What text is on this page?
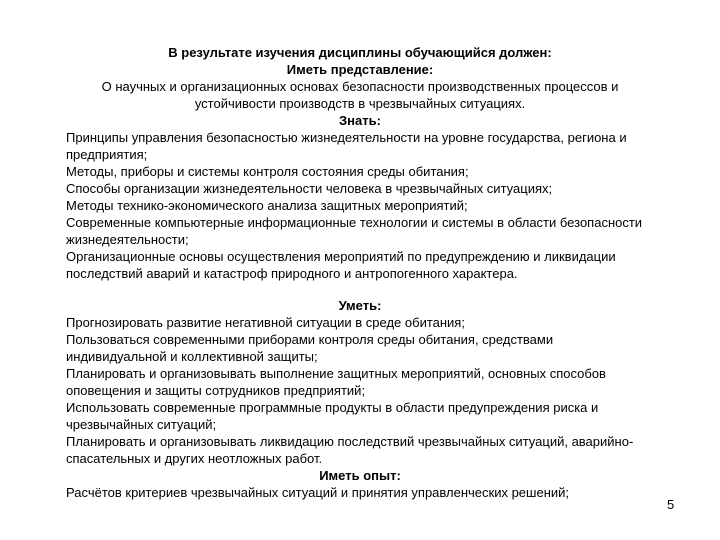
В результате изучения дисциплины обучающийся должен:
Иметь представление:
О научных и организационных основах безопасности производственных процессов и
устойчивости производств в чрезвычайных ситуациях.
Знать:
Принципы управления безопасностью жизнедеятельности на уровне государства, региона и
предприятия;
Методы, приборы и системы контроля состояния среды обитания;
Способы организации жизнедеятельности человека в чрезвычайных ситуациях;
Методы технико-экономического анализа защитных мероприятий;
Современные компьютерные информационные технологии и системы в области безопасности
жизнедеятельности;
Организационные основы осуществления мероприятий по предупреждению и ликвидации
последствий аварий и катастроф природного и антропогенного характера.
Уметь:
Прогнозировать развитие негативной ситуации в среде обитания;
Пользоваться современными приборами контроля среды обитания, средствами
индивидуальной и коллективной защиты;
Планировать и организовывать выполнение защитных мероприятий, основных способов
оповещения и защиты сотрудников предприятий;
Использовать современные программные продукты в области предупреждения риска и
чрезвычайных ситуаций;
Планировать и организовывать ликвидацию последствий чрезвычайных ситуаций, аварийно-
спасательных и других неотложных работ.
Иметь опыт:
Расчётов критериев чрезвычайных ситуаций и принятия управленческих решений;
5
